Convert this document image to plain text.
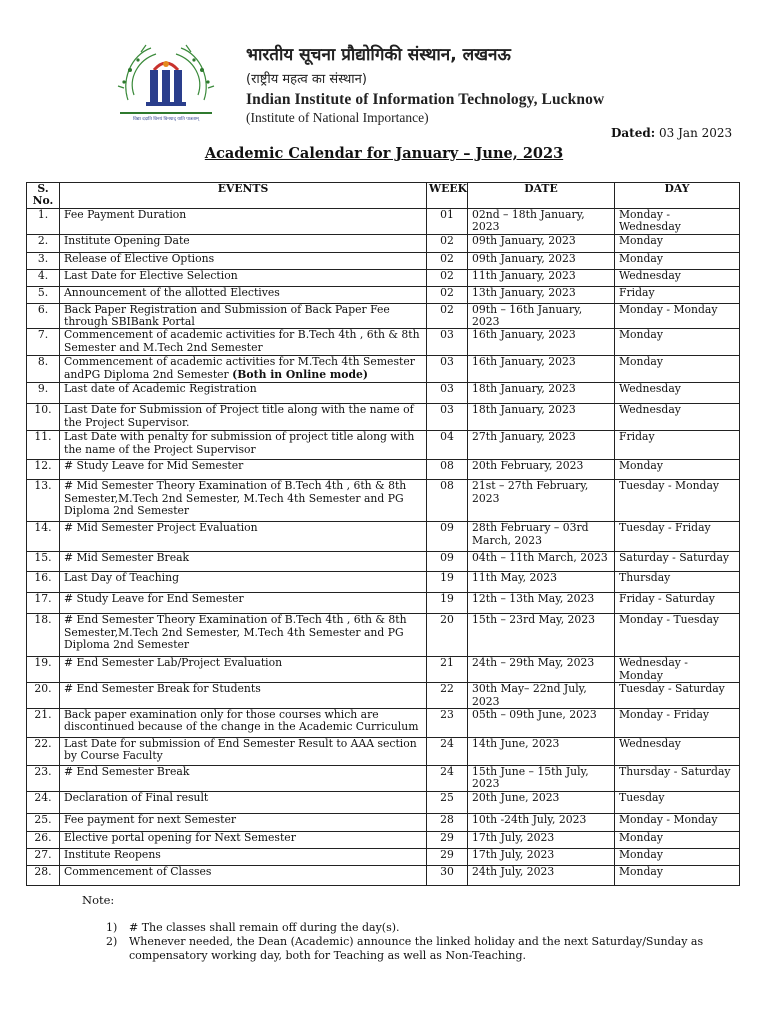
विद्या ददाति विनयं विनयाद् याति पात्रताम्
भारतीय सूचना प्रौद्योगिकी संस्थान, लखनऊ
(राष्ट्रीय महत्व का संस्थान)
Indian Institute of Information Technology, Lucknow
(Institute of National Importance)
Dated: 03 Jan 2023
Academic Calendar for January – June, 2023
S. No.	EVENTS	WEEK	DATE	DAY
1.	Fee Payment Duration	01	02nd – 18th January, 2023	Monday - Wednesday
2.	Institute Opening Date	02	09th January, 2023	Monday
3.	Release of Elective Options	02	09th January, 2023	Monday
4.	Last Date for Elective Selection	02	11th January, 2023	Wednesday
5.	Announcement of the allotted Electives	02	13th January, 2023	Friday
6.	Back Paper Registration and Submission of Back Paper Fee through SBIBank Portal	02	09th – 16th January, 2023	Monday - Monday
7.	Commencement of academic activities for B.Tech 4th , 6th & 8th Semester and M.Tech 2nd Semester	03	16th January, 2023	Monday
8.	Commencement of academic activities for M.Tech 4th Semester andPG Diploma 2nd Semester (Both in Online mode)	03	16th January, 2023	Monday
9.	Last date of Academic Registration	03	18th January, 2023	Wednesday
10.	Last Date for Submission of Project title along with the name of the Project Supervisor.	03	18th January, 2023	Wednesday
11.	Last Date with penalty for submission of project title along with the name of the Project Supervisor	04	27th January, 2023	Friday
12.	# Study Leave for Mid Semester	08	20th February, 2023	Monday
13.	# Mid Semester Theory Examination of B.Tech 4th , 6th & 8th Semester,M.Tech 2nd Semester, M.Tech 4th Semester and PG Diploma 2nd Semester	08	21st – 27th February, 2023	Tuesday - Monday
14.	# Mid Semester Project Evaluation	09	28th February – 03rd March, 2023	Tuesday - Friday
15.	# Mid Semester Break	09	04th – 11th March, 2023	Saturday - Saturday
16.	Last Day of Teaching	19	11th May, 2023	Thursday
17.	# Study Leave for End Semester	19	12th – 13th May, 2023	Friday - Saturday
18.	# End Semester Theory Examination of B.Tech 4th , 6th & 8th Semester,M.Tech 2nd Semester, M.Tech 4th Semester and PG Diploma 2nd Semester	20	15th – 23rd May, 2023	Monday - Tuesday
19.	# End Semester Lab/Project Evaluation	21	24th – 29th May, 2023	Wednesday - Monday
20.	# End Semester Break for Students	22	30th May– 22nd July, 2023	Tuesday - Saturday
21.	Back paper examination only for those courses which are discontinued because of the change in the Academic Curriculum	23	05th – 09th June, 2023	Monday - Friday
22.	Last Date for submission of End Semester Result to AAA section by Course Faculty	24	14th June, 2023	Wednesday
23.	# End Semester Break	24	15th June – 15th July, 2023	Thursday - Saturday
24.	Declaration of Final result	25	20th June, 2023	Tuesday
25.	Fee payment for next Semester	28	10th -24th July, 2023	Monday - Monday
26.	Elective portal opening for Next Semester	29	17th July, 2023	Monday
27.	Institute Reopens	29	17th July, 2023	Monday
28.	Commencement of Classes	30	24th July, 2023	Monday
Note:
1) # The classes shall remain off during the day(s).
2) Whenever needed, the Dean (Academic) announce the linked holiday and the next Saturday/Sunday as compensatory working day, both for Teaching as well as Non-Teaching.
